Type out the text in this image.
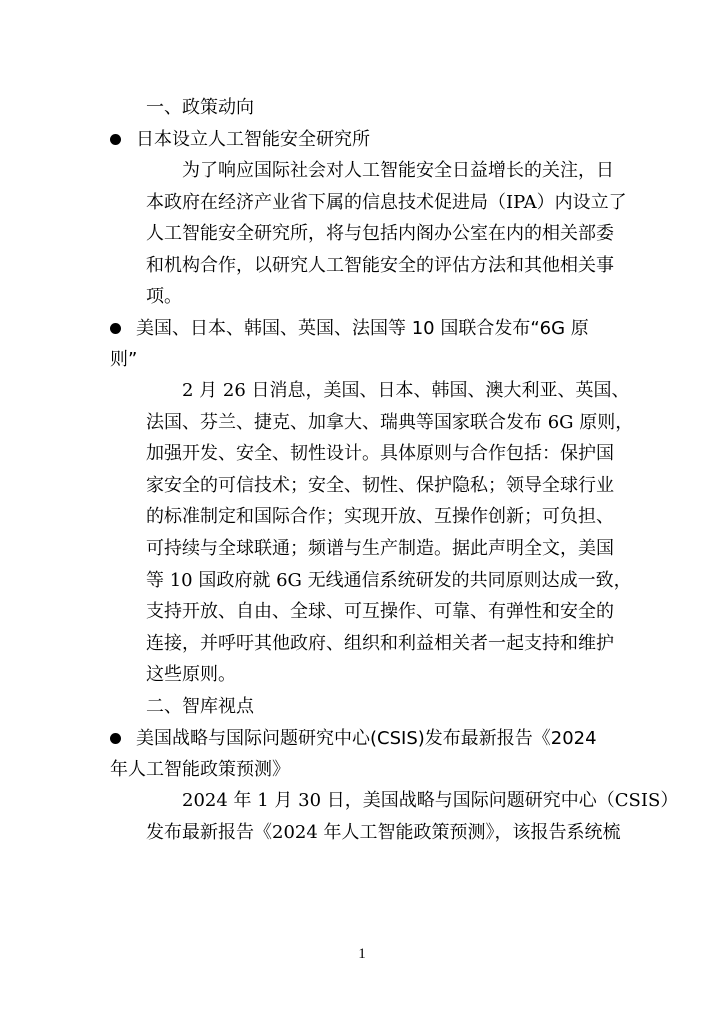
一、政策动向
日本设立人工智能安全研究所
为了响应国际社会对人工智能安全日益增长的关注，日
本政府在经济产业省下属的信息技术促进局（IPA）内设立了
人工智能安全研究所，将与包括内阁办公室在内的相关部委
和机构合作，以研究人工智能安全的评估方法和其他相关事
项。
美国、日本、韩国、英国、法国等 10 国联合发布“6G 原
则”
2 月 26 日消息，美国、日本、韩国、澳大利亚、英国、
法国、芬兰、捷克、加拿大、瑞典等国家联合发布 6G 原则，
加强开发、安全、韧性设计。具体原则与合作包括：保护国
家安全的可信技术；安全、韧性、保护隐私；领导全球行业
的标准制定和国际合作；实现开放、互操作创新；可负担、
可持续与全球联通；频谱与生产制造。据此声明全文，美国
等 10 国政府就 6G 无线通信系统研发的共同原则达成一致，
支持开放、自由、全球、可互操作、可靠、有弹性和安全的
连接，并呼吁其他政府、组织和利益相关者一起支持和维护
这些原则。
二、智库视点
美国战略与国际问题研究中心(CSIS)发布最新报告《2024
年人工智能政策预测》
2024 年 1 月 30 日，美国战略与国际问题研究中心（CSIS）
发布最新报告《2024 年人工智能政策预测》，该报告系统梳
1
